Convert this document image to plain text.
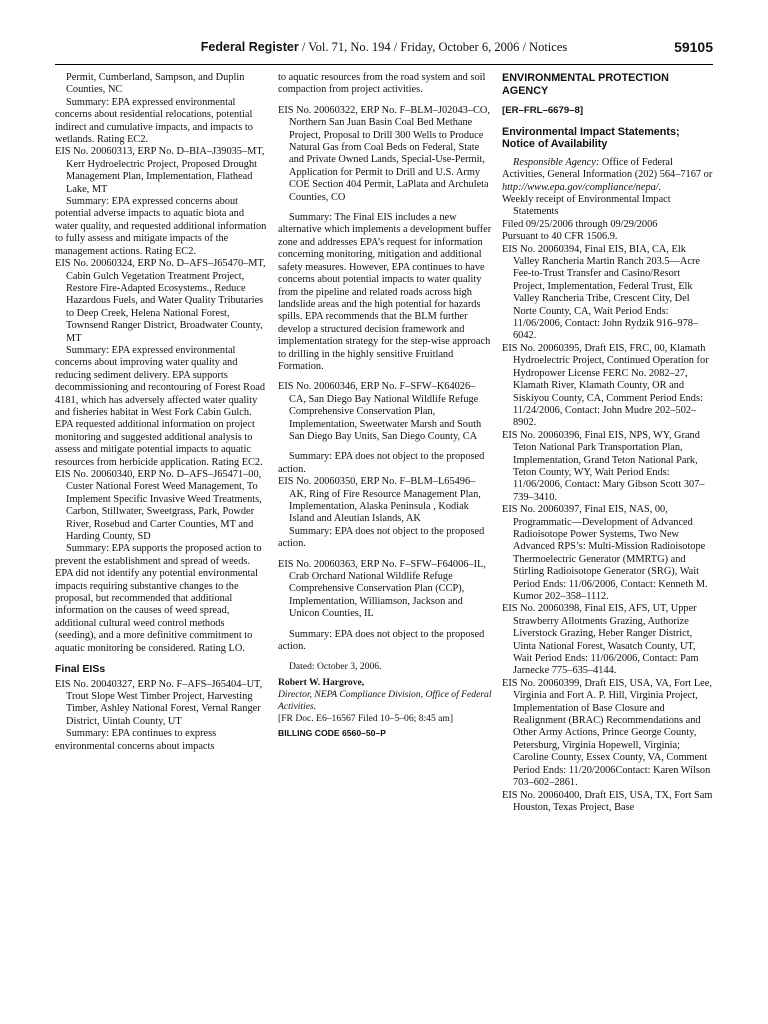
Federal Register / Vol. 71, No. 194 / Friday, October 6, 2006 / Notices	59105
Permit, Cumberland, Sampson, and Duplin Counties, NC
Summary: EPA expressed environmental concerns about residential relocations, potential indirect and cumulative impacts, and impacts to wetlands. Rating EC2.
EIS No. 20060313, ERP No. D–BIA–J39035–MT, Kerr Hydroelectric Project, Proposed Drought Management Plan, Implementation, Flathead Lake, MT
Summary: EPA expressed concerns about potential adverse impacts to aquatic biota and water quality, and requested additional information to fully assess and mitigate impacts of the management actions. Rating EC2.
EIS No. 20060324, ERP No. D–AFS–J65470–MT, Cabin Gulch Vegetation Treatment Project, Restore Fire-Adapted Ecosystems., Reduce Hazardous Fuels, and Water Quality Tributaries to Deep Creek, Helena National Forest, Townsend Ranger District, Broadwater County, MT
Summary: EPA expressed environmental concerns about improving water quality and reducing sediment delivery. EPA supports decommissioning and recontouring of Forest Road 4181, which has adversely affected water quality and fisheries habitat in West Fork Cabin Gulch. EPA requested additional information on project monitoring and suggested additional analysis to assess and mitigate potential impacts to aquatic resources from herbicide application. Rating EC2.
EIS No. 20060340, ERP No. D–AFS–J65471–00, Custer National Forest Weed Management, To Implement Specific Invasive Weed Treatments, Carbon, Stillwater, Sweetgrass, Park, Powder River, Rosebud and Carter Counties, MT and Harding County, SD
Summary: EPA supports the proposed action to prevent the establishment and spread of weeds. EPA did not identify any potential environmental impacts requiring substantive changes to the proposal, but recommended that additional information on the causes of weed spread, additional cultural weed control methods (seeding), and a more definitive commitment to aquatic monitoring be considered. Rating LO.
Final EISs
EIS No. 20040327, ERP No. F–AFS–J65404–UT, Trout Slope West Timber Project, Harvesting Timber, Ashley National Forest, Vernal Ranger District, Uintah County, UT
Summary: EPA continues to express environmental concerns about impacts
to aquatic resources from the road system and soil compaction from project activities.
EIS No. 20060322, ERP No. F–BLM–J02043–CO, Northern San Juan Basin Coal Bed Methane Project, Proposal to Drill 300 Wells to Produce Natural Gas from Coal Beds on Federal, State and Private Owned Lands, Special-Use-Permit, Application for Permit to Drill and U.S. Army COE Section 404 Permit, LaPlata and Archuleta Counties, CO
Summary: The Final EIS includes a new alternative which implements a development buffer zone and addresses EPA’s request for information concerning monitoring, mitigation and additional safety measures. However, EPA continues to have concerns about potential impacts to water quality from the pipeline and related roads across high landslide areas and the high potential for hazards spills. EPA recommends that the BLM further develop a structured decision framework and implementation strategy for the step-wise approach to drilling in the highly sensitive Fruitland Formation.
EIS No. 20060346, ERP No. F–SFW–K64026–CA, San Diego Bay National Wildlife Refuge Comprehensive Conservation Plan, Implementation, Sweetwater Marsh and South San Diego Bay Units, San Diego County, CA
Summary: EPA does not object to the proposed action.
EIS No. 20060350, ERP No. F–BLM–L65496–AK, Ring of Fire Resource Management Plan, Implementation, Alaska Peninsula , Kodiak Island and Aleutian Islands, AK
Summary: EPA does not object to the proposed action.
EIS No. 20060363, ERP No. F–SFW–F64006–IL, Crab Orchard National Wildlife Refuge Comprehensive Conservation Plan (CCP), Implementation, Williamson, Jackson and Unicon Counties, IL
Summary: EPA does not object to the proposed action.
Dated: October 3, 2006.
Robert W. Hargrove,
Director, NEPA Compliance Division, Office of Federal Activities.
[FR Doc. E6–16567 Filed 10–5–06; 8:45 am]
BILLING CODE 6560–50–P
ENVIRONMENTAL PROTECTION AGENCY
[ER–FRL–6679–8]
Environmental Impact Statements; Notice of Availability
Responsible Agency: Office of Federal Activities, General Information (202) 564–7167 or http://www.epa.gov/compliance/nepa/.
Weekly receipt of Environmental Impact Statements
Filed 09/25/2006 through 09/29/2006
Pursuant to 40 CFR 1506.9.
EIS No. 20060394, Final EIS, BIA, CA, Elk Valley Rancheria Martin Ranch 203.5—Acre Fee-to-Trust Transfer and Casino/Resort Project, Implementation, Federal Trust, Elk Valley Rancheria Tribe, Crescent City, Del Norte County, CA, Wait Period Ends: 11/06/2006, Contact: John Rydzik 916–978–6042.
EIS No. 20060395, Draft EIS, FRC, 00, Klamath Hydroelectric Project, Continued Operation for Hydropower License FERC No. 2082–27, Klamath River, Klamath County, OR and Siskiyou County, CA, Comment Period Ends: 11/24/2006, Contact: John Mudre 202–502–8902.
EIS No. 20060396, Final EIS, NPS, WY, Grand Teton National Park Transportation Plan, Implementation, Grand Teton National Park, Teton County, WY, Wait Period Ends: 11/06/2006, Contact: Mary Gibson Scott 307–739–3410.
EIS No. 20060397, Final EIS, NAS, 00, Programmatic—Development of Advanced Radioisotope Power Systems, Two New Advanced RPS’s: Multi-Mission Radioisotope Thermoelectric Generator (MMRTG) and Stirling Radioisotope Generator (SRG), Wait Period Ends: 11/06/2006, Contact: Kenneth M. Kumor 202–358–1112.
EIS No. 20060398, Final EIS, AFS, UT, Upper Strawberry Allotments Grazing, Authorize Liverstock Grazing, Heber Ranger District, Uinta National Forest, Wasatch County, UT, Wait Period Ends: 11/06/2006, Contact: Pam Jarnecke 775–635–4144.
EIS No. 20060399, Draft EIS, USA, VA, Fort Lee, Virginia and Fort A. P. Hill, Virginia Project, Implementation of Base Closure and Realignment (BRAC) Recommendations and Other Army Actions, Prince George County, Petersburg, Virginia Hopewell, Virginia; Caroline County, Essex County, VA, Comment Period Ends: 11/20/2006Contact: Karen Wilson 703–602–2861.
EIS No. 20060400, Draft EIS, USA, TX, Fort Sam Houston, Texas Project, Base
